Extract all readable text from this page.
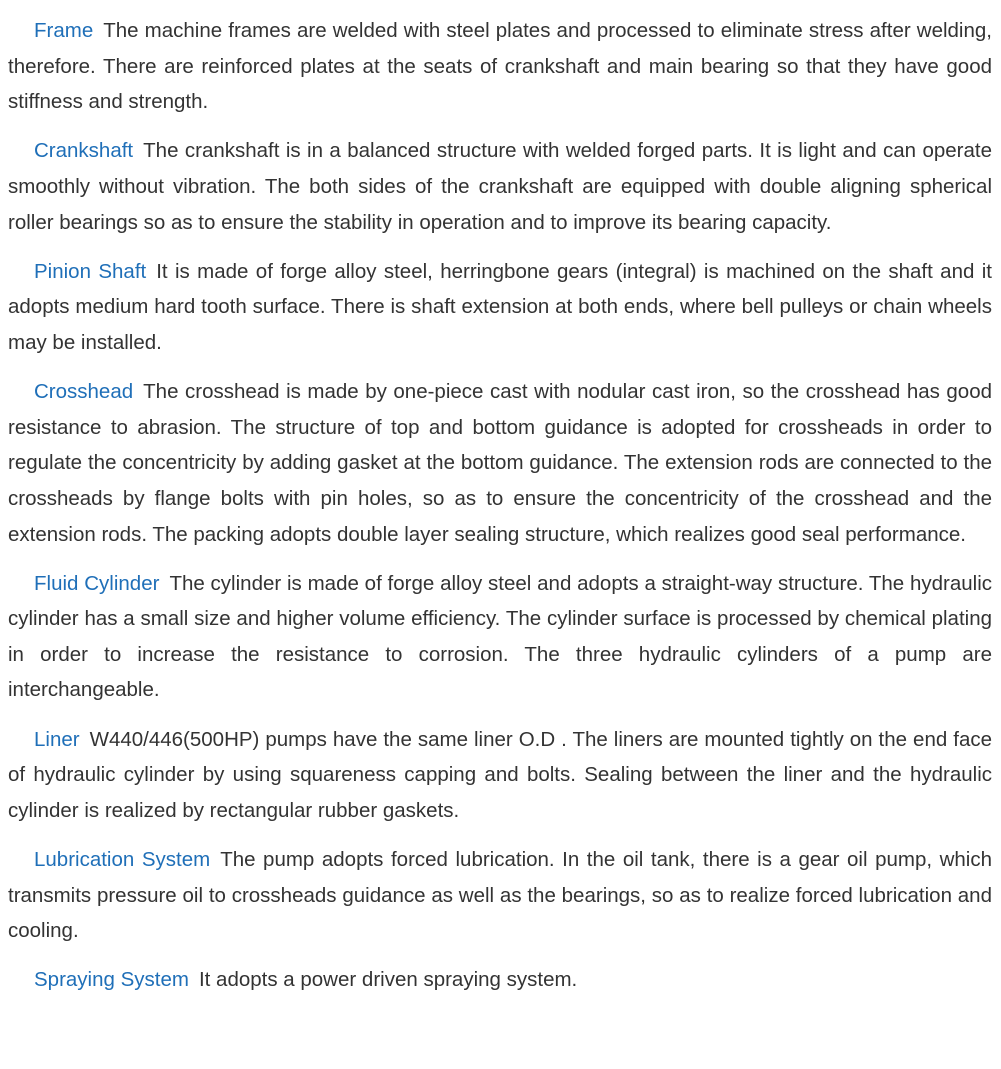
Frame The machine frames are welded with steel plates and processed to eliminate stress after welding, therefore. There are reinforced plates at the seats of crankshaft and main bearing so that they have good stiffness and strength.

Crankshaft The crankshaft is in a balanced structure with welded forged parts. It is light and can operate smoothly without vibration. The both sides of the crankshaft are equipped with double aligning spherical roller bearings so as to ensure the stability in operation and to improve its bearing capacity.

Pinion Shaft It is made of forge alloy steel, herringbone gears (integral) is machined on the shaft and it adopts medium hard tooth surface. There is shaft extension at both ends, where bell pulleys or chain wheels may be installed.

Crosshead The crosshead is made by one-piece cast with nodular cast iron, so the crosshead has good resistance to abrasion. The structure of top and bottom guidance is adopted for crossheads in order to regulate the concentricity by adding gasket at the bottom guidance. The extension rods are connected to the crossheads by flange bolts with pin holes, so as to ensure the concentricity of the crosshead and the extension rods. The packing adopts double layer sealing structure, which realizes good seal performance.

Fluid Cylinder The cylinder is made of forge alloy steel and adopts a straight-way structure. The hydraulic cylinder has a small size and higher volume efficiency. The cylinder surface is processed by chemical plating in order to increase the resistance to corrosion. The three hydraulic cylinders of a pump are interchangeable.

Liner W440/446(500HP) pumps have the same liner O.D . The liners are mounted tightly on the end face of hydraulic cylinder by using squareness capping and bolts. Sealing between the liner and the hydraulic cylinder is realized by rectangular rubber gaskets.

Lubrication System The pump adopts forced lubrication. In the oil tank, there is a gear oil pump, which transmits pressure oil to crossheads guidance as well as the bearings, so as to realize forced lubrication and cooling.

Spraying System It adopts a power driven spraying system.
